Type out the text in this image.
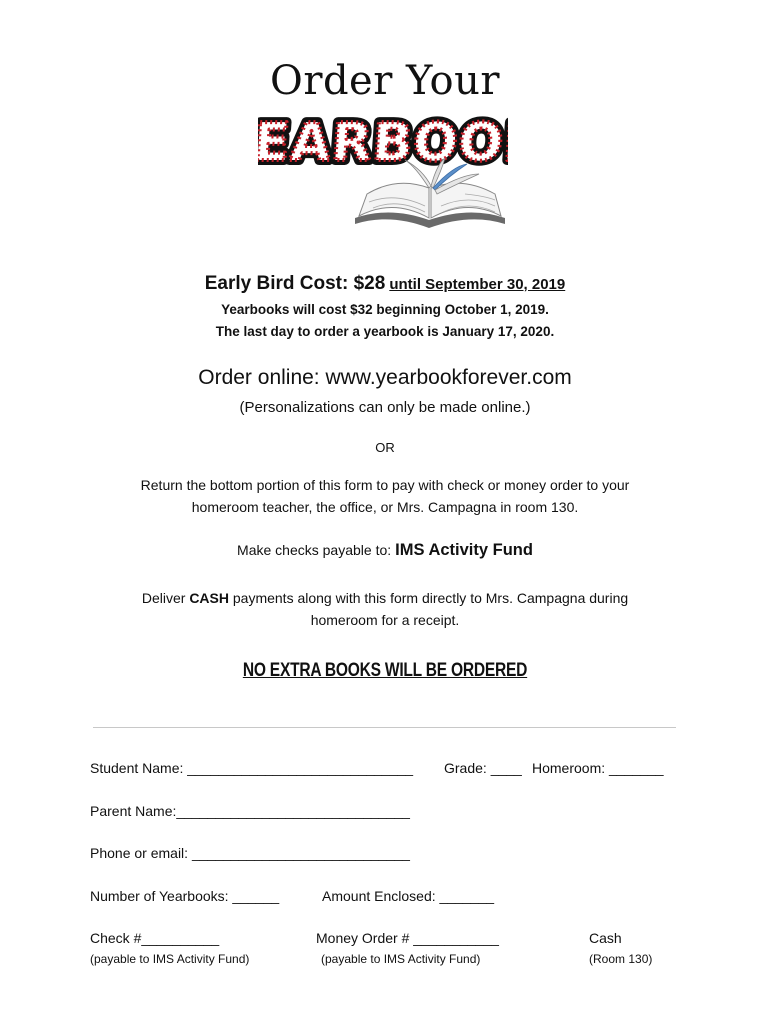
Order Your
YEARBOOK
YEARBOOK
Early Bird Cost: $28 until September 30, 2019
Yearbooks will cost $32 beginning October 1, 2019.
The last day to order a yearbook is January 17, 2020.
Order online: www.yearbookforever.com
(Personalizations can only be made online.)
OR
Return the bottom portion of this form to pay with check or money order to your
homeroom teacher, the office, or Mrs. Campagna in room 130.
Make checks payable to: IMS Activity Fund
Deliver CASH payments along with this form directly to Mrs. Campagna during
homeroom for a receipt.
NO EXTRA BOOKS WILL BE ORDERED
Student Name: _____________________________ Grade: ____ Homeroom: _______
Parent Name:______________________________
Phone or email: ____________________________
Number of Yearbooks: ______	Amount Enclosed: _______
Check #__________	Money Order # ___________	Cash
(payable to IMS Activity Fund)	(payable to IMS Activity Fund)	(Room 130)
